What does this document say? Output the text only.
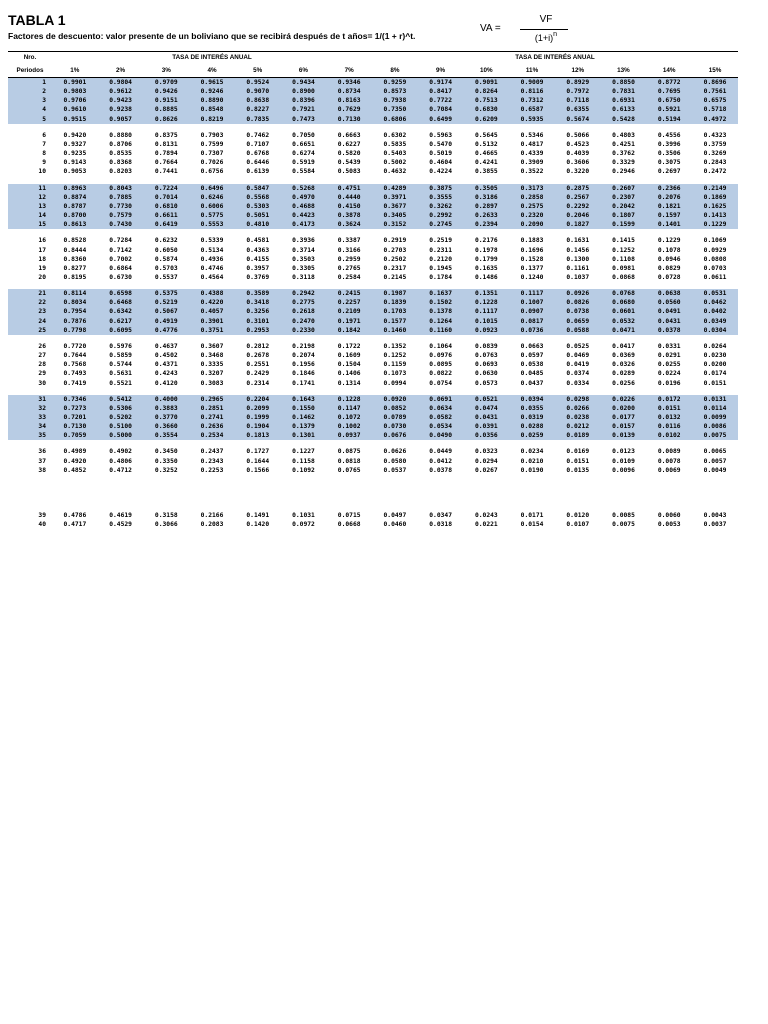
TABLA 1
Factores de descuento: valor presente de un boliviano que se recibirá después de t años= 1/(1 + r)^t.
VA =
VF
$(1+i)^n$
Nro.	TASA DE INTERÉS ANUAL							TASA DE INTERÉS ANUAL							
Periodos	1%	2%	3%	4%	5%	6%	7%	8%	9%	10%	11%	12%	13%	14%	15%
1	0.9901	0.9804	0.9709	0.9615	0.9524	0.9434	0.9346	0.9259	0.9174	0.9091	0.9009	0.8929	0.8850	0.8772	0.8696
2	0.9803	0.9612	0.9426	0.9246	0.9070	0.8900	0.8734	0.8573	0.8417	0.8264	0.8116	0.7972	0.7831	0.7695	0.7561
3	0.9706	0.9423	0.9151	0.8890	0.8638	0.8396	0.8163	0.7938	0.7722	0.7513	0.7312	0.7118	0.6931	0.6750	0.6575
4	0.9610	0.9238	0.8885	0.8548	0.8227	0.7921	0.7629	0.7350	0.7084	0.6830	0.6587	0.6355	0.6133	0.5921	0.5718
5	0.9515	0.9057	0.8626	0.8219	0.7835	0.7473	0.7130	0.6806	0.6499	0.6209	0.5935	0.5674	0.5428	0.5194	0.4972

6	0.9420	0.8880	0.8375	0.7903	0.7462	0.7050	0.6663	0.6302	0.5963	0.5645	0.5346	0.5066	0.4803	0.4556	0.4323
7	0.9327	0.8706	0.8131	0.7599	0.7107	0.6651	0.6227	0.5835	0.5470	0.5132	0.4817	0.4523	0.4251	0.3996	0.3759
8	0.9235	0.8535	0.7894	0.7307	0.6768	0.6274	0.5820	0.5403	0.5019	0.4665	0.4339	0.4039	0.3762	0.3506	0.3269
9	0.9143	0.8368	0.7664	0.7026	0.6446	0.5919	0.5439	0.5002	0.4604	0.4241	0.3909	0.3606	0.3329	0.3075	0.2843
10	0.9053	0.8203	0.7441	0.6756	0.6139	0.5584	0.5083	0.4632	0.4224	0.3855	0.3522	0.3220	0.2946	0.2697	0.2472

11	0.8963	0.8043	0.7224	0.6496	0.5847	0.5268	0.4751	0.4289	0.3875	0.3505	0.3173	0.2875	0.2607	0.2366	0.2149
12	0.8874	0.7885	0.7014	0.6246	0.5568	0.4970	0.4440	0.3971	0.3555	0.3186	0.2858	0.2567	0.2307	0.2076	0.1869
13	0.8787	0.7730	0.6810	0.6006	0.5303	0.4688	0.4150	0.3677	0.3262	0.2897	0.2575	0.2292	0.2042	0.1821	0.1625
14	0.8700	0.7579	0.6611	0.5775	0.5051	0.4423	0.3878	0.3405	0.2992	0.2633	0.2320	0.2046	0.1807	0.1597	0.1413
15	0.8613	0.7430	0.6419	0.5553	0.4810	0.4173	0.3624	0.3152	0.2745	0.2394	0.2090	0.1827	0.1599	0.1401	0.1229

16	0.8528	0.7284	0.6232	0.5339	0.4581	0.3936	0.3387	0.2919	0.2519	0.2176	0.1883	0.1631	0.1415	0.1229	0.1069
17	0.8444	0.7142	0.6050	0.5134	0.4363	0.3714	0.3166	0.2703	0.2311	0.1978	0.1696	0.1456	0.1252	0.1078	0.0929
18	0.8360	0.7002	0.5874	0.4936	0.4155	0.3503	0.2959	0.2502	0.2120	0.1799	0.1528	0.1300	0.1108	0.0946	0.0808
19	0.8277	0.6864	0.5703	0.4746	0.3957	0.3305	0.2765	0.2317	0.1945	0.1635	0.1377	0.1161	0.0981	0.0829	0.0703
20	0.8195	0.6730	0.5537	0.4564	0.3769	0.3118	0.2584	0.2145	0.1784	0.1486	0.1240	0.1037	0.0868	0.0728	0.0611

21	0.8114	0.6598	0.5375	0.4388	0.3589	0.2942	0.2415	0.1987	0.1637	0.1351	0.1117	0.0926	0.0768	0.0638	0.0531
22	0.8034	0.6468	0.5219	0.4220	0.3418	0.2775	0.2257	0.1839	0.1502	0.1228	0.1007	0.0826	0.0680	0.0560	0.0462
23	0.7954	0.6342	0.5067	0.4057	0.3256	0.2618	0.2109	0.1703	0.1378	0.1117	0.0907	0.0738	0.0601	0.0491	0.0402
24	0.7876	0.6217	0.4919	0.3901	0.3101	0.2470	0.1971	0.1577	0.1264	0.1015	0.0817	0.0659	0.0532	0.0431	0.0349
25	0.7798	0.6095	0.4776	0.3751	0.2953	0.2330	0.1842	0.1460	0.1160	0.0923	0.0736	0.0588	0.0471	0.0378	0.0304

26	0.7720	0.5976	0.4637	0.3607	0.2812	0.2198	0.1722	0.1352	0.1064	0.0839	0.0663	0.0525	0.0417	0.0331	0.0264
27	0.7644	0.5859	0.4502	0.3468	0.2678	0.2074	0.1609	0.1252	0.0976	0.0763	0.0597	0.0469	0.0369	0.0291	0.0230
28	0.7568	0.5744	0.4371	0.3335	0.2551	0.1956	0.1504	0.1159	0.0895	0.0693	0.0538	0.0419	0.0326	0.0255	0.0200
29	0.7493	0.5631	0.4243	0.3207	0.2429	0.1846	0.1406	0.1073	0.0822	0.0630	0.0485	0.0374	0.0289	0.0224	0.0174
30	0.7419	0.5521	0.4120	0.3083	0.2314	0.1741	0.1314	0.0994	0.0754	0.0573	0.0437	0.0334	0.0256	0.0196	0.0151

31	0.7346	0.5412	0.4000	0.2965	0.2204	0.1643	0.1228	0.0920	0.0691	0.0521	0.0394	0.0298	0.0226	0.0172	0.0131
32	0.7273	0.5306	0.3883	0.2851	0.2099	0.1550	0.1147	0.0852	0.0634	0.0474	0.0355	0.0266	0.0200	0.0151	0.0114
33	0.7201	0.5202	0.3770	0.2741	0.1999	0.1462	0.1072	0.0789	0.0582	0.0431	0.0319	0.0238	0.0177	0.0132	0.0099
34	0.7130	0.5100	0.3660	0.2636	0.1904	0.1379	0.1002	0.0730	0.0534	0.0391	0.0288	0.0212	0.0157	0.0116	0.0086
35	0.7059	0.5000	0.3554	0.2534	0.1813	0.1301	0.0937	0.0676	0.0490	0.0356	0.0259	0.0189	0.0139	0.0102	0.0075

36	0.4989	0.4902	0.3450	0.2437	0.1727	0.1227	0.0875	0.0626	0.0449	0.0323	0.0234	0.0169	0.0123	0.0089	0.0065
37	0.4920	0.4806	0.3350	0.2343	0.1644	0.1158	0.0818	0.0580	0.0412	0.0294	0.0210	0.0151	0.0109	0.0078	0.0057
38	0.4852	0.4712	0.3252	0.2253	0.1566	0.1092	0.0765	0.0537	0.0378	0.0267	0.0190	0.0135	0.0096	0.0069	0.0049

39	0.4786	0.4619	0.3158	0.2166	0.1491	0.1031	0.0715	0.0497	0.0347	0.0243	0.0171	0.0120	0.0085	0.0060	0.0043
40	0.4717	0.4529	0.3066	0.2083	0.1420	0.0972	0.0668	0.0460	0.0318	0.0221	0.0154	0.0107	0.0075	0.0053	0.0037
